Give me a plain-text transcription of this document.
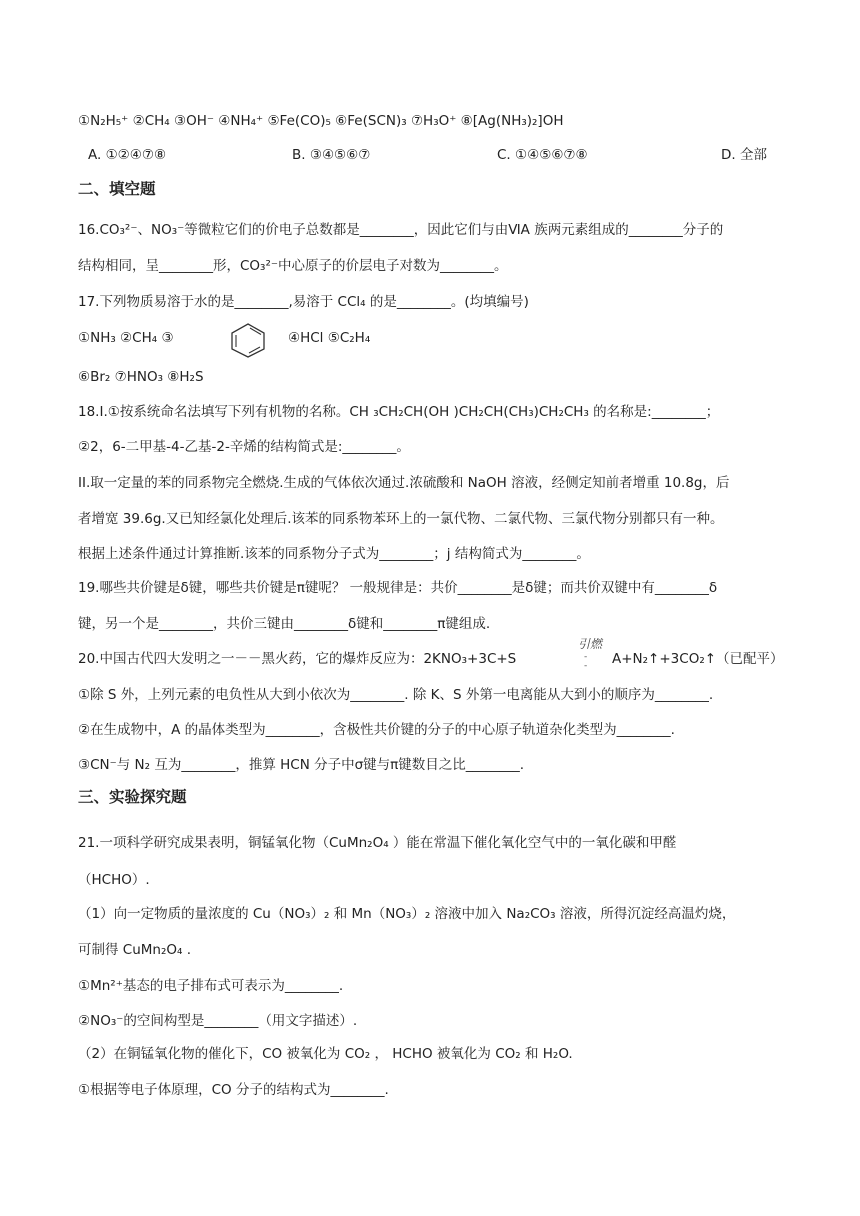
①N₂H₅⁺ ②CH₄ ③OH⁻ ④NH₄⁺ ⑤Fe(CO)₅ ⑥Fe(SCN)₃ ⑦H₃O⁺ ⑧[Ag(NH₃)₂]OH
A. ①②④⑦⑧	B. ③④⑤⑥⑦	C. ①④⑤⑥⑦⑧	D. 全部
二、填空题
16.CO₃²⁻、NO₃⁻等微粒它们的价电子总数都是________，因此它们与由ⅥA 族两元素组成的________分子的
结构相同，呈________形，CO₃²⁻中心原子的价层电子对数为________。
17.下列物质易溶于水的是________,易溶于 CCl₄ 的是________。(均填编号)
①NH₃ ②CH₄ ③	④HCl ⑤C₂H₄
⑥Br₂ ⑦HNO₃ ⑧H₂S
18.I.①按系统命名法填写下列有机物的名称。CH ₃CH₂CH(OH )CH₂CH(CH₃)CH₂CH₃ 的名称是:________；
②2，6-二甲基-4-乙基-2-辛烯的结构简式是:________。
II.取一定量的苯的同系物完全燃烧.生成的气体依次通过.浓硫酸和 NaOH 溶液，经侧定知前者增重 10.8g，后
者增宽 39.6g.又已知经氯化处理后.该苯的同系物苯环上的一氯代物、二氯代物、三氯代物分别都只有一种。
根据上述条件通过计算推断.该苯的同系物分子式为________；j 结构简式为________。
19.哪些共价键是δ键，哪些共价键是π键呢？ 一般规律是：共价________是δ键；而共价双键中有________δ
键，另一个是________，共价三键由________δ键和________π键组成.
20.中国古代四大发明之一－－黑火药，它的爆炸反应为：2KNO₃+3C+S
引燃
-
- A+N₂↑+3CO₂↑（已配平）
①除 S 外，上列元素的电负性从大到小依次为________. 除 K、S 外第一电离能从大到小的顺序为________.
②在生成物中，A 的晶体类型为________，含极性共价键的分子的中心原子轨道杂化类型为________.
③CN⁻与 N₂ 互为________，推算 HCN 分子中σ键与π键数目之比________.
三、实验探究题
21.一项科学研究成果表明，铜锰氧化物（CuMn₂O₄ ）能在常温下催化氧化空气中的一氧化碳和甲醛
（HCHO）.
（1）向一定物质的量浓度的 Cu（NO₃）₂ 和 Mn（NO₃）₂ 溶液中加入 Na₂CO₃ 溶液，所得沉淀经高温灼烧，
可制得 CuMn₂O₄ .
①Mn²⁺基态的电子排布式可表示为________.
②NO₃⁻的空间构型是________（用文字描述）.
（2）在铜锰氧化物的催化下，CO 被氧化为 CO₂ ， HCHO 被氧化为 CO₂ 和 H₂O.
①根据等电子体原理，CO 分子的结构式为________.
